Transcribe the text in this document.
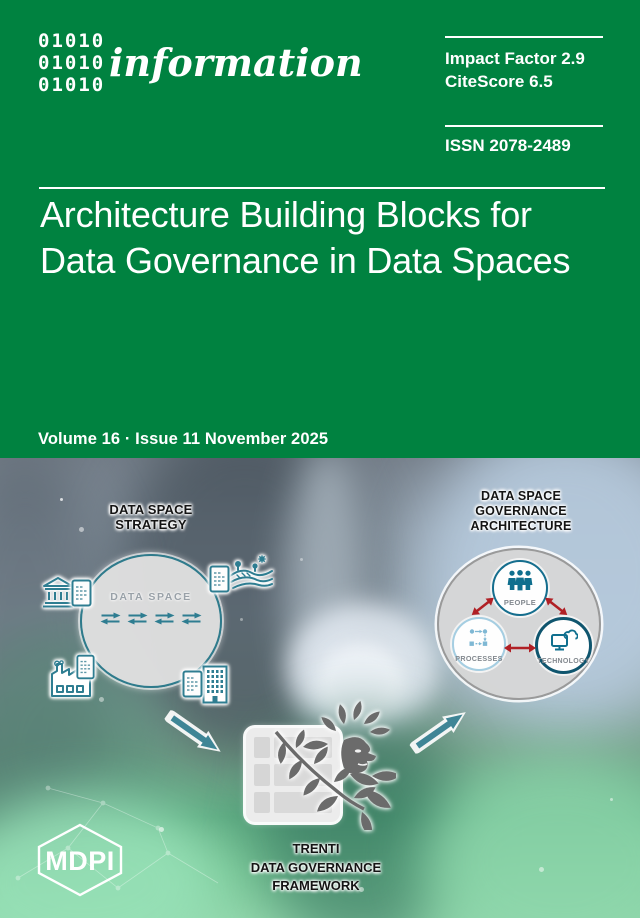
01010
01010
01010 information	Impact Factor 2.9
CiteScore 6.5
ISSN 2078-2489
Architecture Building Blocks for
Data Governance in Data Spaces
Volume 16 · Issue 11 November 2025
DATA SPACE
STRATEGY
DATA SPACE
DATA SPACE
GOVERNANCE
ARCHITECTURE
PEOPLE
PROCESSES	TECHNOLOGY
TRENTI
DATA GOVERNANCE
FRAMEWORK
MDPI
